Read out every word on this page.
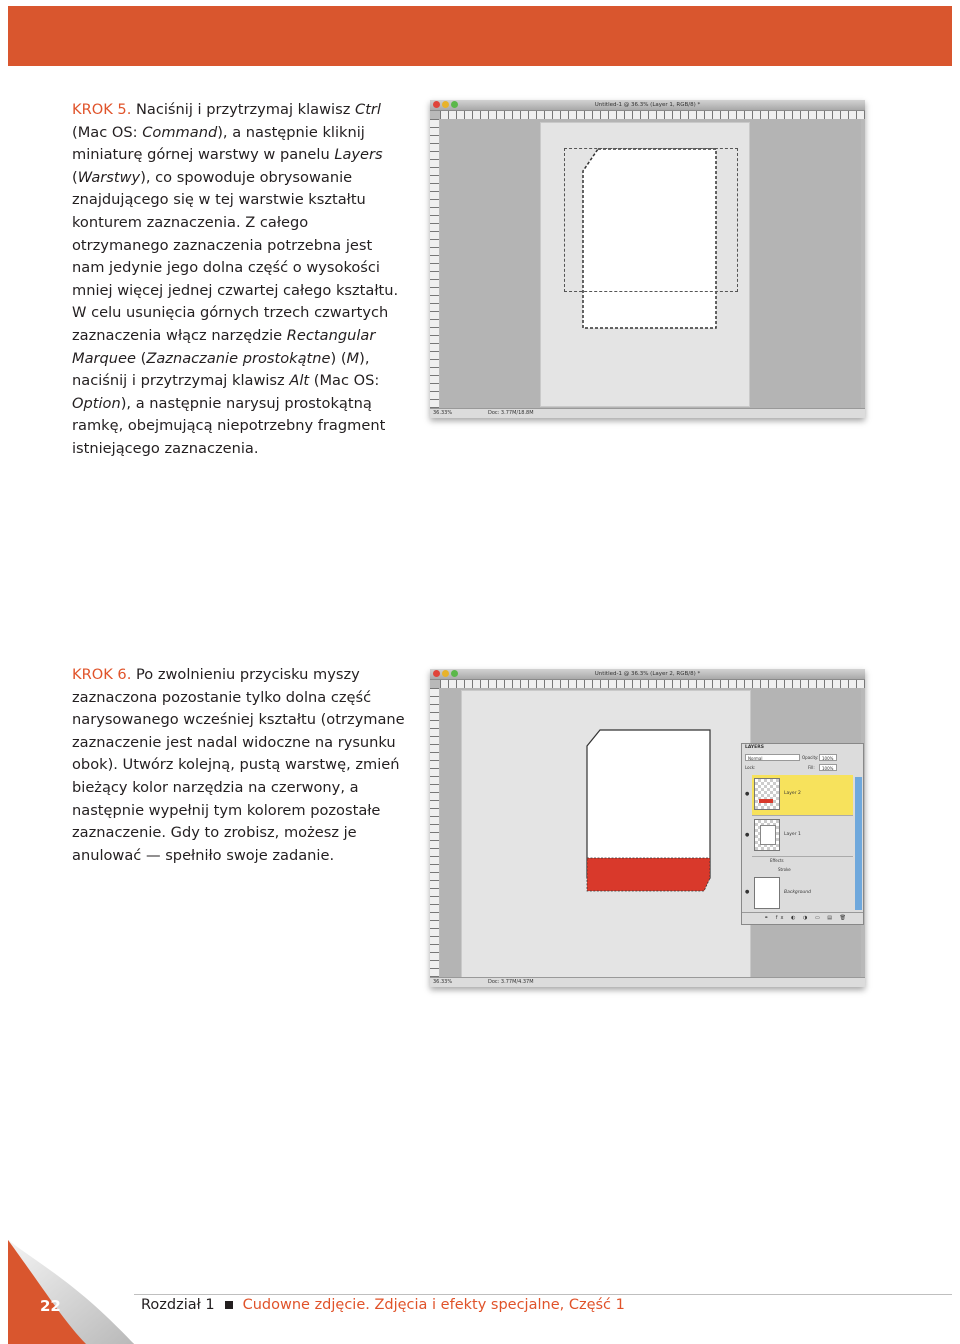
KROK 5. Naciśnij i przytrzymaj klawisz Ctrl (Mac OS: Command), a następnie kliknij miniaturę górnej warstwy w panelu Layers (Warstwy), co spowoduje obrysowanie znajdującego się w tej warstwie kształtu konturem zaznaczenia. Z całego otrzymanego zaznaczenia potrzebna jest nam jedynie jego dolna część o wysokości mniej więcej jednej czwartej całego kształtu. W celu usunięcia górnych trzech czwartych zaznaczenia włącz narzędzie Rectangular Marquee (Zaznaczanie prostokątne) (M), naciśnij i przytrzymaj klawisz Alt (Mac OS: Option), a następnie narysuj prostokątną ramkę, obejmującą niepotrzebny fragment istniejącego zaznaczenia.

Untitled-1 @ 36.3% (Layer 1, RGB/8) *
36.33%	Doc: 3.77M/18.8M

KROK 6. Po zwolnieniu przycisku myszy zaznaczona pozostanie tylko dolna część narysowanego wcześniej kształtu (otrzymane zaznaczenie jest nadal widoczne na rysunku obok). Utwórz kolejną, pustą warstwę, zmień bieżący kolor narzędzia na czerwony, a następnie wypełnij tym kolorem pozostałe zaznaczenie. Gdy to zrobisz, możesz je anulować — spełniło swoje zadanie.

Untitled-1 @ 36.3% (Layer 2, RGB/8) *
LAYERS
Normal	Opacity: 100%
Lock:	Fill:	100%
●	Layer 2
●	Layer 1
Effects
Stroke
●	Background
⚭ fx ◐ ◑ ▭ ▤ 🗑
36.33%	Doc: 3.77M/4.37M
22	Rozdział 1 Cudowne zdjęcie. Zdjęcia i efekty specjalne, Część 1
